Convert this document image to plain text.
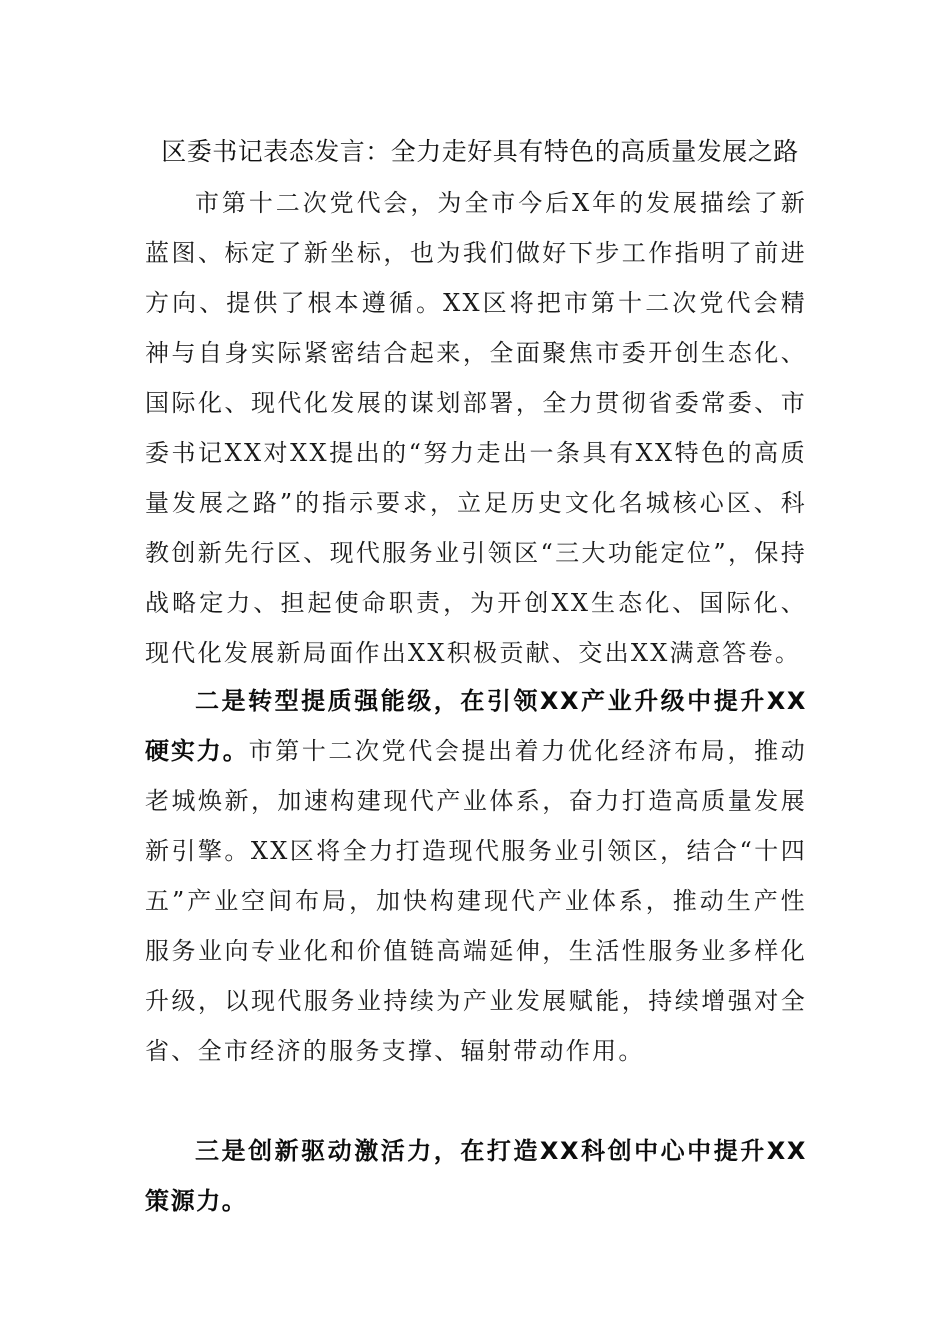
区委书记表态发言：全力走好具有特色的高质量发展之路

市第十二次党代会，为全市今后X年的发展描绘了新蓝图、标定了新坐标，也为我们做好下步工作指明了前进方向、提供了根本遵循。XX区将把市第十二次党代会精神与自身实际紧密结合起来，全面聚焦市委开创生态化、国际化、现代化发展的谋划部署，全力贯彻省委常委、市委书记XX对XX提出的“努力走出一条具有XX特色的高质量发展之路”的指示要求，立足历史文化名城核心区、科教创新先行区、现代服务业引领区“三大功能定位”，保持战略定力、担起使命职责，为开创XX生态化、国际化、现代化发展新局面作出XX积极贡献、交出XX满意答卷。

二是转型提质强能级，在引领XX产业升级中提升XX硬实力。市第十二次党代会提出着力优化经济布局，推动老城焕新，加速构建现代产业体系，奋力打造高质量发展新引擎。XX区将全力打造现代服务业引领区，结合“十四五”产业空间布局，加快构建现代产业体系，推动生产性服务业向专业化和价值链高端延伸，生活性服务业多样化升级，以现代服务业持续为产业发展赋能，持续增强对全省、全市经济的服务支撑、辐射带动作用。

三是创新驱动激活力，在打造XX科创中心中提升XX策源力。
